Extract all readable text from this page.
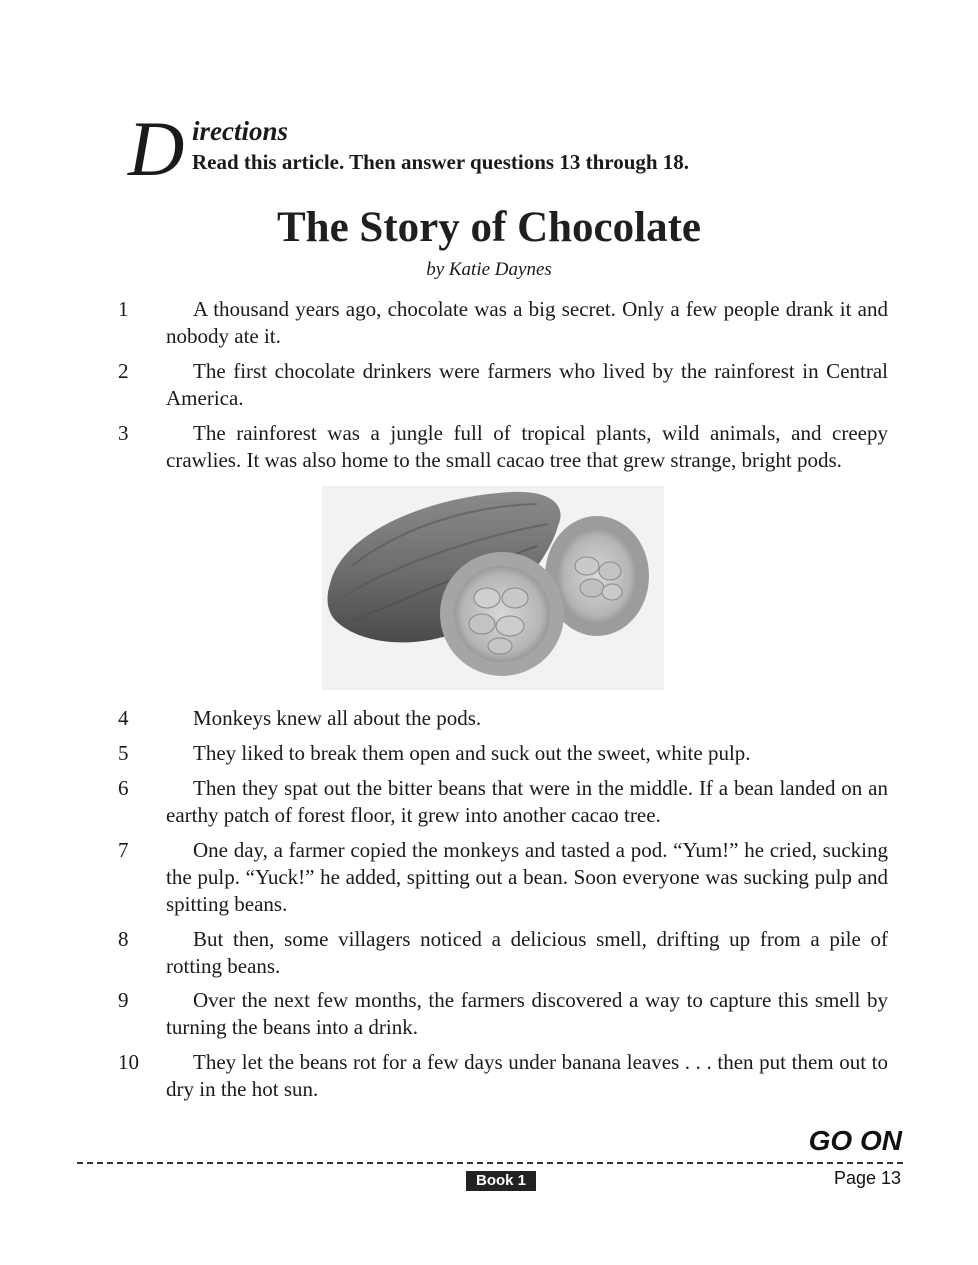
D irections
Read this article. Then answer questions 13 through 18.
The Story of Chocolate
by Katie Daynes
1	A thousand years ago, chocolate was a big secret. Only a few people drank it and nobody ate it.

2	The first chocolate drinkers were farmers who lived by the rainforest in Central America.

3	The rainforest was a jungle full of tropical plants, wild animals, and creepy crawlies. It was also home to the small cacao tree that grew strange, bright pods.

4	Monkeys knew all about the pods.

5	They liked to break them open and suck out the sweet, white pulp.

6	Then they spat out the bitter beans that were in the middle. If a bean landed on an earthy patch of forest floor, it grew into another cacao tree.

7	One day, a farmer copied the monkeys and tasted a pod. “Yum!” he cried, sucking the pulp. “Yuck!” he added, spitting out a bean. Soon everyone was sucking pulp and spitting beans.

8	But then, some villagers noticed a delicious smell, drifting up from a pile of rotting beans.

9	Over the next few months, the farmers discovered a way to capture this smell by turning the beans into a drink.

10	They let the beans rot for a few days under banana leaves . . . then put them out to dry in the hot sun.

GO ON
Book 1	Page 13
